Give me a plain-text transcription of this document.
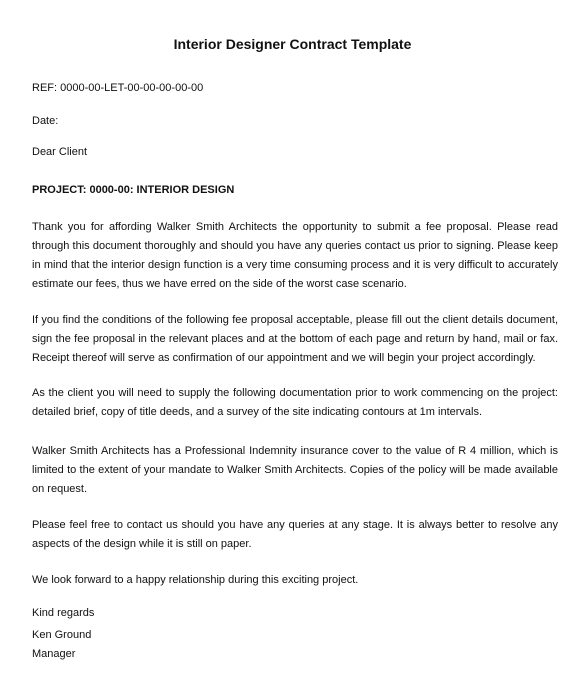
Interior Designer Contract Template

REF: 0000-00-LET-00-00-00-00-00

Date:

Dear Client

PROJECT: 0000-00: INTERIOR DESIGN

Thank you for affording Walker Smith Architects the opportunity to submit a fee proposal. Please read through this document thoroughly and should you have any queries contact us prior to signing. Please keep in mind that the interior design function is a very time consuming process and it is very difficult to accurately estimate our fees, thus we have erred on the side of the worst case scenario.

If you find the conditions of the following fee proposal acceptable, please fill out the client details document, sign the fee proposal in the relevant places and at the bottom of each page and return by hand, mail or fax. Receipt thereof will serve as confirmation of our appointment and we will begin your project accordingly.

As the client you will need to supply the following documentation prior to work commencing on the project: detailed brief, copy of title deeds, and a survey of the site indicating contours at 1m intervals.

Walker Smith Architects has a Professional Indemnity insurance cover to the value of R 4 million, which is limited to the extent of your mandate to Walker Smith Architects. Copies of the policy will be made available on request.

Please feel free to contact us should you have any queries at any stage. It is always better to resolve any aspects of the design while it is still on paper.

We look forward to a happy relationship during this exciting project.

Kind regards

Ken Ground

Manager
